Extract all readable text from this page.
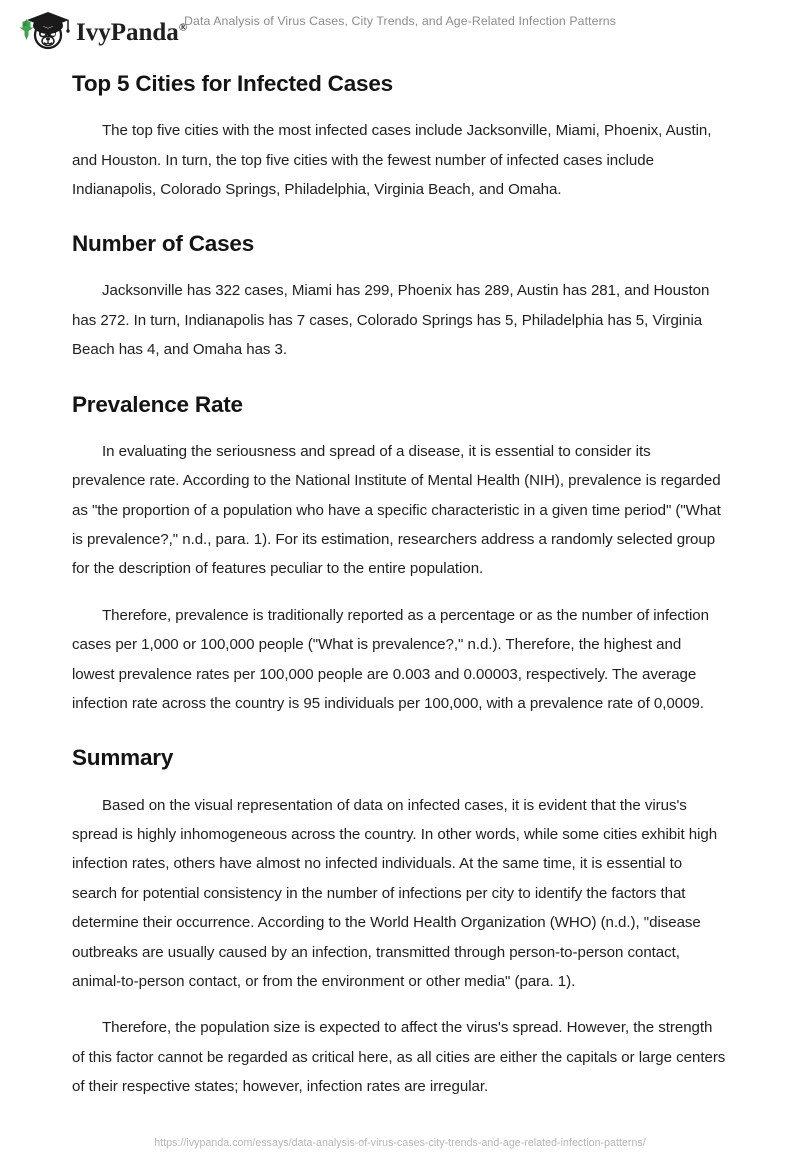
IvyPanda®
Data Analysis of Virus Cases, City Trends, and Age-Related Infection Patterns
Top 5 Cities for Infected Cases

The top five cities with the most infected cases include Jacksonville, Miami, Phoenix, Austin, and Houston. In turn, the top five cities with the fewest number of infected cases include Indianapolis, Colorado Springs, Philadelphia, Virginia Beach, and Omaha.

Number of Cases

Jacksonville has 322 cases, Miami has 299, Phoenix has 289, Austin has 281, and Houston has 272. In turn, Indianapolis has 7 cases, Colorado Springs has 5, Philadelphia has 5, Virginia Beach has 4, and Omaha has 3.

Prevalence Rate

In evaluating the seriousness and spread of a disease, it is essential to consider its prevalence rate. According to the National Institute of Mental Health (NIH), prevalence is regarded as "the proportion of a population who have a specific characteristic in a given time period" ("What is prevalence?," n.d., para. 1). For its estimation, researchers address a randomly selected group for the description of features peculiar to the entire population.

Therefore, prevalence is traditionally reported as a percentage or as the number of infection cases per 1,000 or 100,000 people ("What is prevalence?," n.d.). Therefore, the highest and lowest prevalence rates per 100,000 people are 0.003 and 0.00003, respectively. The average infection rate across the country is 95 individuals per 100,000, with a prevalence rate of 0,0009.

Summary

Based on the visual representation of data on infected cases, it is evident that the virus's spread is highly inhomogeneous across the country. In other words, while some cities exhibit high infection rates, others have almost no infected individuals. At the same time, it is essential to search for potential consistency in the number of infections per city to identify the factors that determine their occurrence. According to the World Health Organization (WHO) (n.d.), "disease outbreaks are usually caused by an infection, transmitted through person-to-person contact, animal-to-person contact, or from the environment or other media" (para. 1).

Therefore, the population size is expected to affect the virus's spread. However, the strength of this factor cannot be regarded as critical here, as all cities are either the capitals or large centers of their respective states; however, infection rates are irregular.

https://ivypanda.com/essays/data-analysis-of-virus-cases-city-trends-and-age-related-infection-patterns/
